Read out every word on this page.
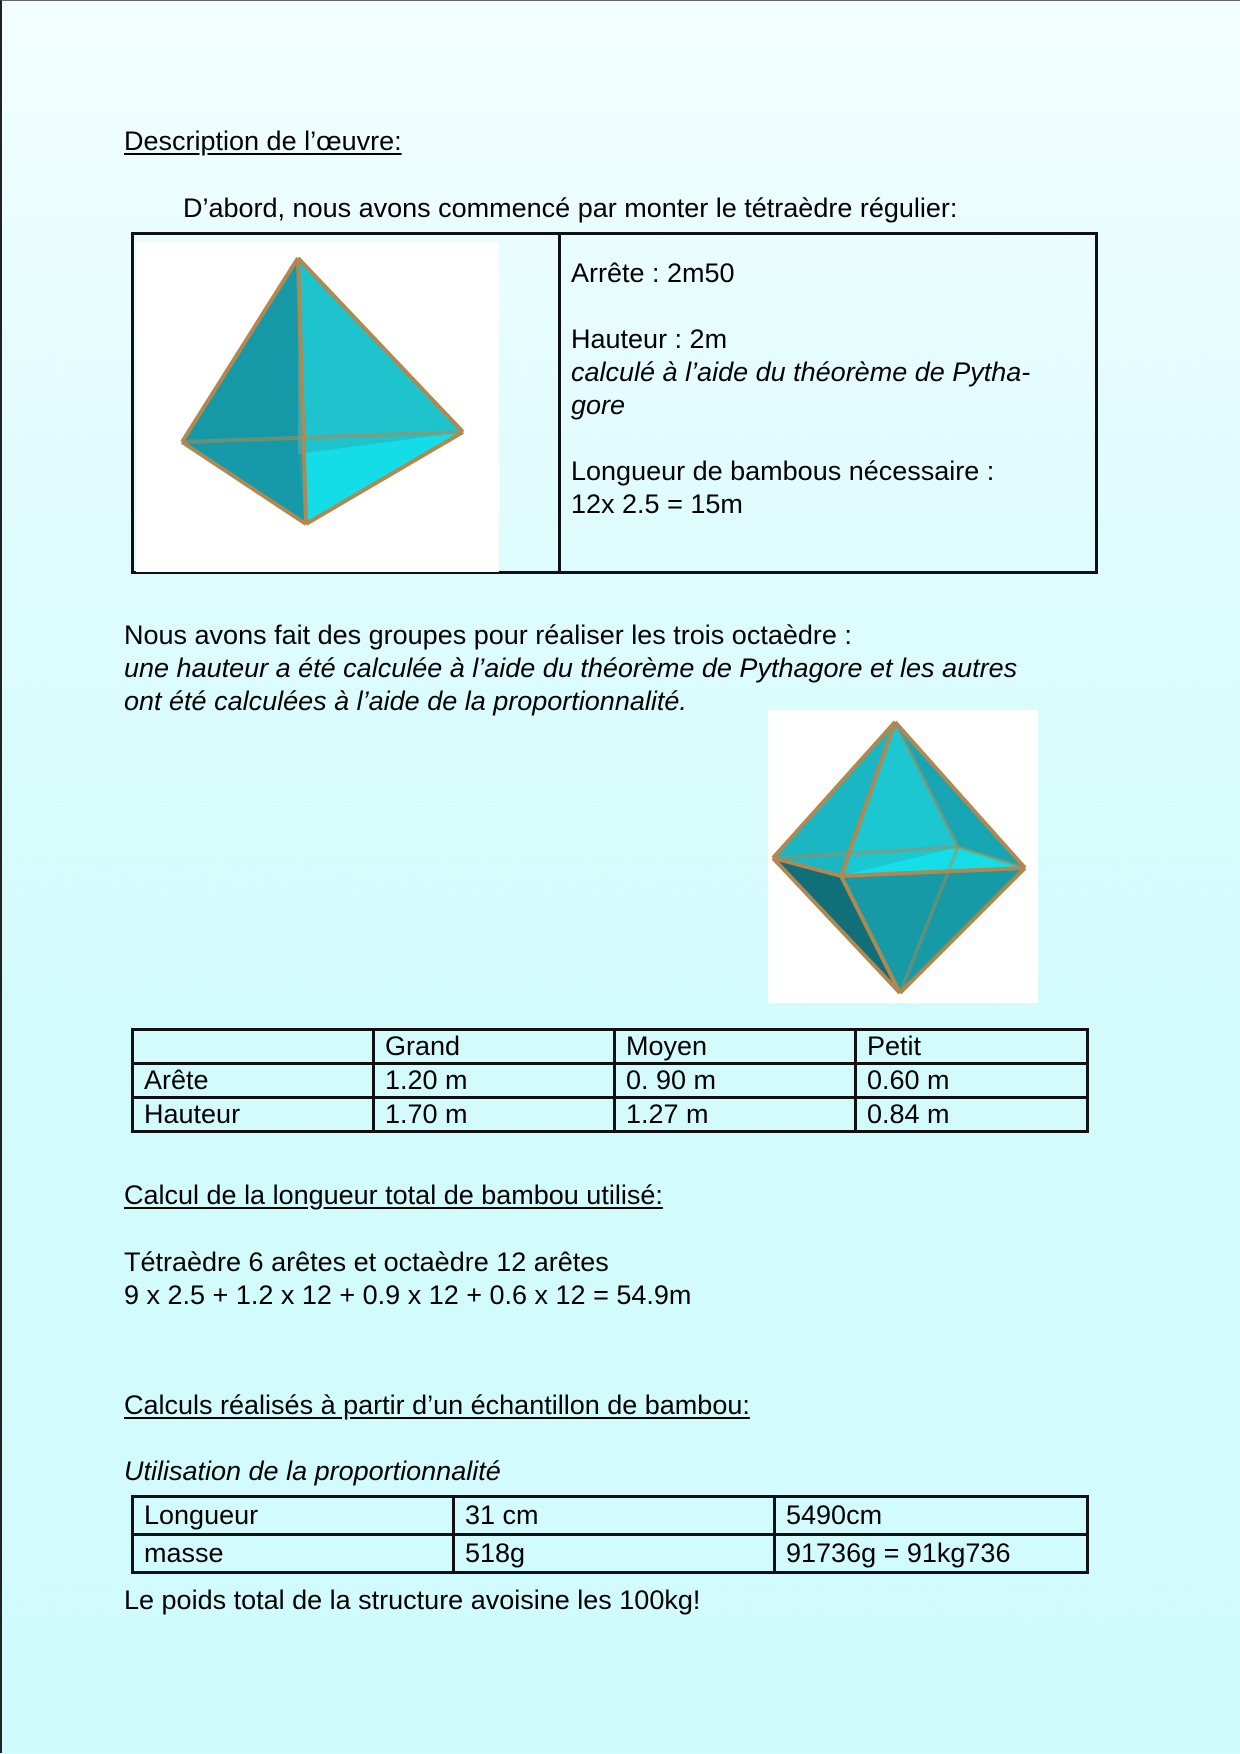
Description de l’œuvre:
D’abord, nous avons commencé par monter le tétraèdre régulier:

Arrête : 2m50

Hauteur : 2m

calculé à l’aide du théorème de Pytha-

gore

Longueur de bambous nécessaire :

12x 2.5 = 15m

Nous avons fait des groupes pour réaliser les trois octaèdre :
une hauteur a été calculée à l’aide du théorème de Pythagore et les autres
ont été calculées à l’aide de la proportionnalité.
	Grand	Moyen	Petit
Arête	1.20 m	0. 90 m	0.60 m
Hauteur	1.70 m	1.27 m	0.84 m
Calcul de la longueur total de bambou utilisé:
Tétraèdre 6 arêtes et octaèdre 12 arêtes
9 x 2.5 + 1.2 x 12 + 0.9 x 12 + 0.6 x 12 = 54.9m
Calculs réalisés à partir d’un échantillon de bambou:
Utilisation de la proportionnalité
Longueur	31 cm	5490cm
masse	518g	91736g = 91kg736
Le poids total de la structure avoisine les 100kg!
